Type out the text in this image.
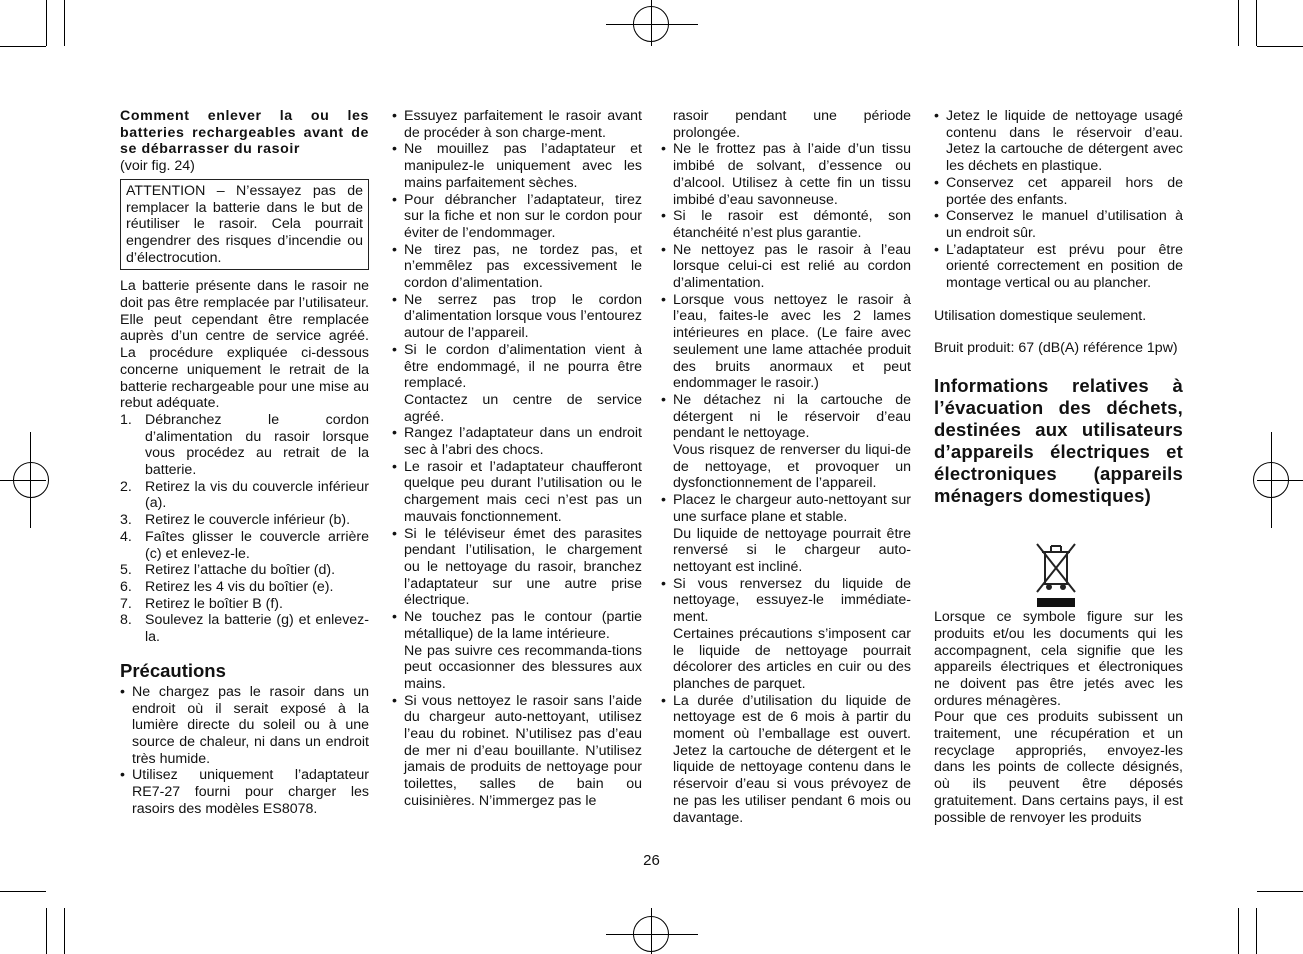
Comment enlever la ou les batteries rechargeables avant de se débarrasser du rasoir

(voir fig. 24)

ATTENTION – N’essayez pas de remplacer la batterie dans le but de réutiliser le rasoir. Cela pourrait engendrer des risques d’incendie ou d’électrocution.

La batterie présente dans le rasoir ne doit pas être remplacée par l’utilisateur. Elle peut cependant être remplacée auprès d’un centre de service agréé. La procédure expliquée ci-dessous concerne uniquement le retrait de la batterie rechargeable pour une mise au rebut adéquate.

1. Débranchez le cordon d’alimentation du rasoir lorsque vous procédez au retrait de la batterie.
2. Retirez la vis du couvercle inférieur (a).
3. Retirez le couvercle inférieur (b).
4. Faîtes glisser le couvercle arrière (c) et enlevez-le.
5. Retirez l’attache du boîtier (d).
6. Retirez les 4 vis du boîtier (e).
7. Retirez le boîtier B (f).
8. Soulevez la batterie (g) et enlevez-la.

Précautions

• Ne chargez pas le rasoir dans un endroit où il serait exposé à la lumière directe du soleil ou à une source de chaleur, ni dans un endroit très humide.
• Utilisez uniquement l’adaptateur RE7-27 fourni pour charger les rasoirs des modèles ES8078.
• Essuyez parfaitement le rasoir avant de procéder à son charge-ment.
• Ne mouillez pas l’adaptateur et manipulez-le uniquement avec les mains parfaitement sèches.
• Pour débrancher l’adaptateur, tirez sur la fiche et non sur le cordon pour éviter de l’endommager.
• Ne tirez pas, ne tordez pas, et n’emmêlez pas excessivement le cordon d’alimentation.
• Ne serrez pas trop le cordon d’alimentation lorsque vous l’entourez autour de l’appareil.
• Si le cordon d’alimentation vient à être endommagé, il ne pourra être remplacé.

Contactez un centre de service agréé.

• Rangez l’adaptateur dans un endroit sec à l’abri des chocs.
• Le rasoir et l’adaptateur chaufferont quelque peu durant l’utilisation ou le chargement mais ceci n’est pas un mauvais fonctionnement.
• Si le téléviseur émet des parasites pendant l’utilisation, le chargement ou le nettoyage du rasoir, branchez l’adaptateur sur une autre prise électrique.
• Ne touchez pas le contour (partie métallique) de la lame intérieure.

Ne pas suivre ces recommanda-tions peut occasionner des blessures aux mains.

• Si vous nettoyez le rasoir sans l’aide du chargeur auto-nettoyant, utilisez l’eau du robinet. N’utilisez pas d’eau de mer ni d’eau bouillante. N’utilisez jamais de produits de nettoyage pour toilettes, salles de bain ou cuisinières. N’immergez pas le

rasoir pendant une période prolongée.

• Ne le frottez pas à l’aide d’un tissu imbibé de solvant, d’essence ou d’alcool. Utilisez à cette fin un tissu imbibé d’eau savonneuse.
• Si le rasoir est démonté, son étanchéité n’est plus garantie.
• Ne nettoyez pas le rasoir à l’eau lorsque celui-ci est relié au cordon d’alimentation.
• Lorsque vous nettoyez le rasoir à l’eau, faites-le avec les 2 lames intérieures en place. (Le faire avec seulement une lame attachée produit des bruits anormaux et peut endommager le rasoir.)
• Ne détachez ni la cartouche de détergent ni le réservoir d’eau pendant le nettoyage.

Vous risquez de renverser du liqui-de de nettoyage, et provoquer un dysfonctionnement de l’appareil.

• Placez le chargeur auto-nettoyant sur une surface plane et stable.

Du liquide de nettoyage pourrait être renversé si le chargeur auto-nettoyant est incliné.

• Si vous renversez du liquide de nettoyage, essuyez-le immédiate-ment.

Certaines précautions s’imposent car le liquide de nettoyage pourrait décolorer des articles en cuir ou des planches de parquet.

• La durée d’utilisation du liquide de nettoyage est de 6 mois à partir du moment où l’emballage est ouvert. Jetez la cartouche de détergent et le liquide de nettoyage contenu dans le réservoir d’eau si vous prévoyez de ne pas les utiliser pendant 6 mois ou davantage.
• Jetez le liquide de nettoyage usagé contenu dans le réservoir d’eau. Jetez la cartouche de détergent avec les déchets en plastique.
• Conservez cet appareil hors de portée des enfants.
• Conservez le manuel d’utilisation à un endroit sûr.
• L’adaptateur est prévu pour être orienté correctement en position de montage vertical ou au plancher.

Utilisation domestique seulement.

Bruit produit: 67 (dB(A) référence 1pw)

Informations relatives à l’évacuation des déchets, destinées aux utilisateurs d’appareils électriques et électroniques (appareils ménagers domestiques)

Lorsque ce symbole figure sur les produits et/ou les documents qui les accompagnent, cela signifie que les appareils électriques et électroniques ne doivent pas être jetés avec les ordures ménagères.

Pour que ces produits subissent un traitement, une récupération et un recyclage appropriés, envoyez-les dans les points de collecte désignés, où ils peuvent être déposés gratuitement. Dans certains pays, il est possible de renvoyer les produits

26
